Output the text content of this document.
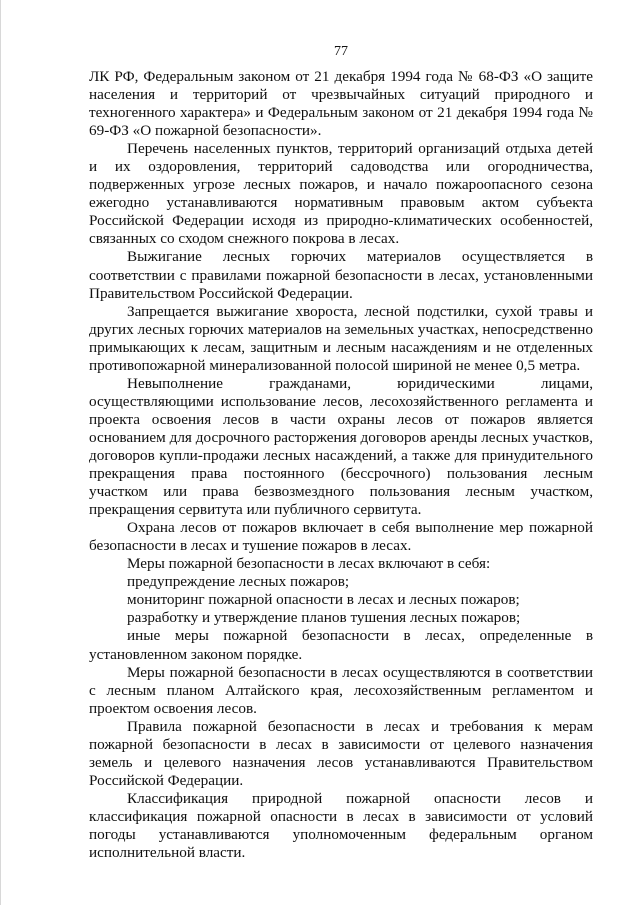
77

ЛК РФ, Федеральным законом от 21 декабря 1994 года № 68-ФЗ «О защите населения и территорий от чрезвычайных ситуаций природного и техногенного характера» и Федеральным законом от 21 декабря 1994 года № 69-ФЗ «О пожарной безопасности».

Перечень населенных пунктов, территорий организаций отдыха детей и их оздоровления, территорий садоводства или огородничества, подверженных угрозе лесных пожаров, и начало пожароопасного сезона ежегодно устанавливаются нормативным правовым актом субъекта Российской Федерации исходя из природно-климатических особенностей, связанных со сходом снежного покрова в лесах.

Выжигание лесных горючих материалов осуществляется в соответствии с правилами пожарной безопасности в лесах, установленными Правительством Российской Федерации.

Запрещается выжигание хвороста, лесной подстилки, сухой травы и других лесных горючих материалов на земельных участках, непосредственно примыкающих к лесам, защитным и лесным насаждениям и не отделенных противопожарной минерализованной полосой шириной не менее 0,5 метра.

Невыполнение гражданами, юридическими лицами, осуществляющими использование лесов, лесохозяйственного регламента и проекта освоения лесов в части охраны лесов от пожаров является основанием для досрочного расторжения договоров аренды лесных участков, договоров купли-продажи лесных насаждений, а также для принудительного прекращения права постоянного (бессрочного) пользования лесным участком или права безвозмездного пользования лесным участком, прекращения сервитута или публичного сервитута.

Охрана лесов от пожаров включает в себя выполнение мер пожарной безопасности в лесах и тушение пожаров в лесах.

Меры пожарной безопасности в лесах включают в себя:

предупреждение лесных пожаров;

мониторинг пожарной опасности в лесах и лесных пожаров;

разработку и утверждение планов тушения лесных пожаров;

иные меры пожарной безопасности в лесах, определенные в установленном законом порядке.

Меры пожарной безопасности в лесах осуществляются в соответствии с лесным планом Алтайского края, лесохозяйственным регламентом и проектом освоения лесов.

Правила пожарной безопасности в лесах и требования к мерам пожарной безопасности в лесах в зависимости от целевого назначения земель и целевого назначения лесов устанавливаются Правительством Российской Федерации.

Классификация природной пожарной опасности лесов и классификация пожарной опасности в лесах в зависимости от условий погоды устанавливаются уполномоченным федеральным органом исполнительной власти.
